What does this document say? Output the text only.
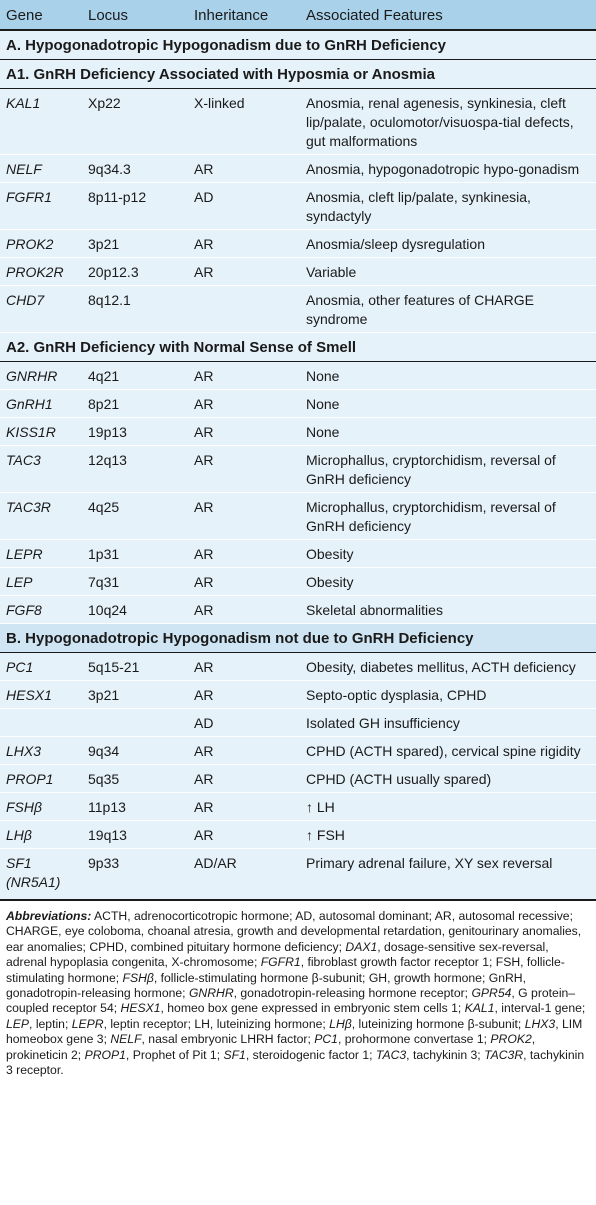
Gene	Locus	Inheritance	Associated Features
A. Hypogonadotropic Hypogonadism due to GnRH Deficiency			
A1. GnRH Deficiency Associated with Hyposmia or Anosmia			
KAL1	Xp22	X-linked	Anosmia, renal agenesis, synkinesia, cleft lip/palate, oculomotor/visuospa-tial defects, gut malformations
NELF	9q34.3	AR	Anosmia, hypogonadotropic hypo-gonadism
FGFR1	8p11-p12	AD	Anosmia, cleft lip/palate, synkinesia, syndactyly
PROK2	3p21	AR	Anosmia/sleep dysregulation
PROK2R	20p12.3	AR	Variable
CHD7	8q12.1		Anosmia, other features of CHARGE syndrome
A2. GnRH Deficiency with Normal Sense of Smell			
GNRHR	4q21	AR	None
GnRH1	8p21	AR	None
KISS1R	19p13	AR	None
TAC3	12q13	AR	Microphallus, cryptorchidism, reversal of GnRH deficiency
TAC3R	4q25	AR	Microphallus, cryptorchidism, reversal of GnRH deficiency
LEPR	1p31	AR	Obesity
LEP	7q31	AR	Obesity
FGF8	10q24	AR	Skeletal abnormalities
B. Hypogonadotropic Hypogonadism not due to GnRH Deficiency			
PC1	5q15-21	AR	Obesity, diabetes mellitus, ACTH deficiency
HESX1	3p21	AR	Septo-optic dysplasia, CPHD
		AD	Isolated GH insufficiency
LHX3	9q34	AR	CPHD (ACTH spared), cervical spine rigidity
PROP1	5q35	AR	CPHD (ACTH usually spared)
FSHβ	11p13	AR	↑ LH
LHβ	19q13	AR	↑ FSH
SF1 (NR5A1)	9p33	AD/AR	Primary adrenal failure, XY sex reversal
Abbreviations: ACTH, adrenocorticotropic hormone; AD, autosomal dominant; AR, autosomal recessive; CHARGE, eye coloboma, choanal atresia, growth and developmental retardation, genitourinary anomalies, ear anomalies; CPHD, combined pituitary hormone deficiency; DAX1, dosage-sensitive sex-reversal, adrenal hypoplasia congenita, X-chromosome; FGFR1, fibroblast growth factor receptor 1; FSH, follicle-stimulating hormone; FSHβ, follicle-stimulating hormone β-subunit; GH, growth hormone; GnRH, gonadotropin-releasing hormone; GNRHR, gonadotropin-releasing hormone receptor; GPR54, G protein–coupled receptor 54; HESX1, homeo box gene expressed in embryonic stem cells 1; KAL1, interval-1 gene; LEP, leptin; LEPR, leptin receptor; LH, luteinizing hormone; LHβ, luteinizing hormone β-subunit; LHX3, LIM homeobox gene 3; NELF, nasal embryonic LHRH factor; PC1, prohormone convertase 1; PROK2, prokineticin 2; PROP1, Prophet of Pit 1; SF1, steroidogenic factor 1; TAC3, tachykinin 3; TAC3R, tachykinin 3 receptor.
